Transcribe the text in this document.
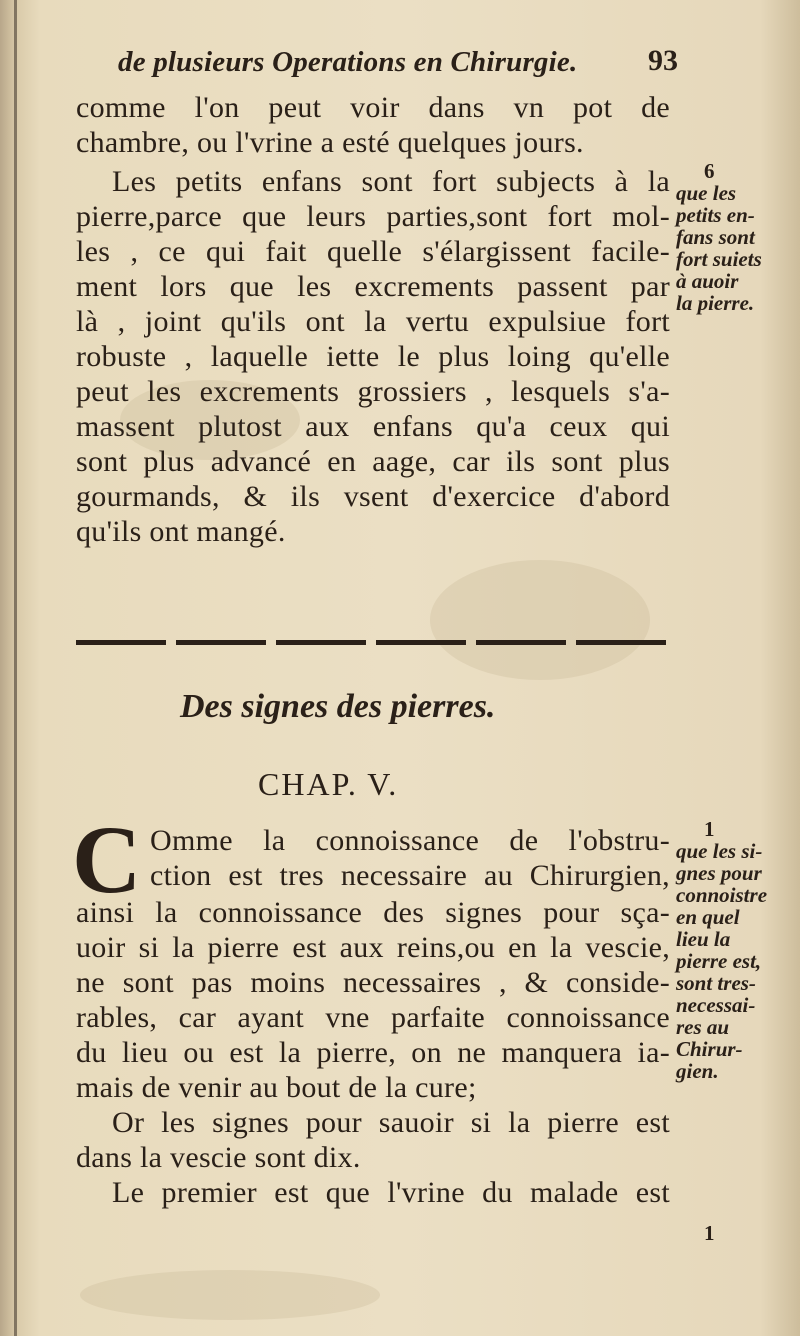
de plusieurs Operations en Chirurgie. 93
comme l'on peut voir dans vn pot de
chambre, ou l'vrine a esté quelques jours.
Les petits enfans sont fort subjects à la
pierre,parce que leurs parties,sont fort mol-
les , ce qui fait quelle s'élargissent facile-
ment lors que les excrements passent par
là , joint qu'ils ont la vertu expulsiue fort
robuste , laquelle iette le plus loing qu'elle
peut les excrements grossiers , lesquels s'a-
massent plutost aux enfans qu'a ceux qui
sont plus advancé en aage, car ils sont plus
gourmands, & ils vsent d'exercice d'abord
qu'ils ont mangé.
6
que les
petits en-
fans sont
fort suiets
à auoir
la pierre.
Des signes des pierres.
CHAP. V.
C Omme la connoissance de l'obstru-
ction est tres necessaire au Chirurgien,
ainsi la connoissance des signes pour sça-
uoir si la pierre est aux reins,ou en la vescie,
ne sont pas moins necessaires , & conside-
rables, car ayant vne parfaite connoissance
du lieu ou est la pierre, on ne manquera ia-
mais de venir au bout de la cure;
Or les signes pour sauoir si la pierre est
dans la vescie sont dix.
Le premier est que l'vrine du malade est
1
que les si-
gnes pour
connoistre
en quel
lieu la
pierre est,
sont tres-
necessai-
res au
Chirur-
gien.
1
